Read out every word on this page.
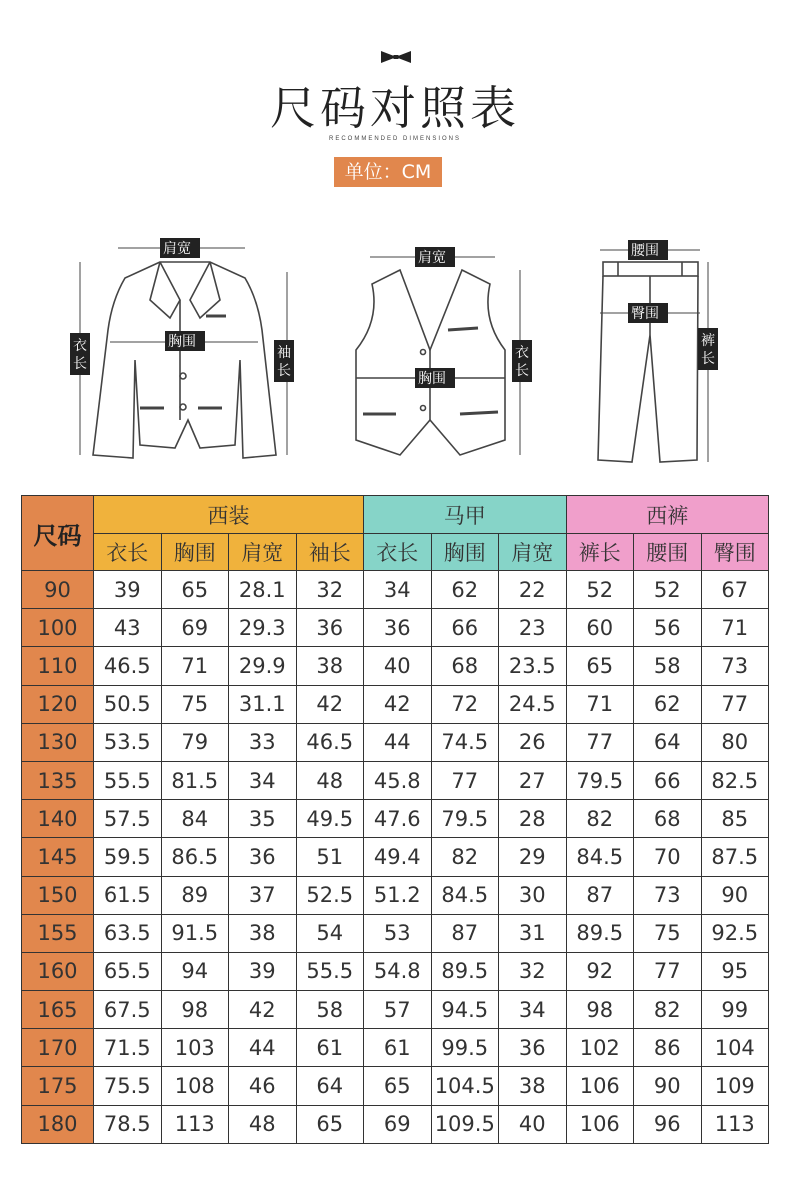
尺码对照表
RECOMMENDED DIMENSIONS
单位：CM
肩宽
衣
长
胸围
袖
长
肩宽
胸围
衣
长
腰围
臀围
裤
长
尺码	西装				马甲			西裤		
	衣长	胸围	肩宽	袖长	衣长	胸围	肩宽	裤长	腰围	臀围
90	39	65	28.1	32	34	62	22	52	52	67
100	43	69	29.3	36	36	66	23	60	56	71
110	46.5	71	29.9	38	40	68	23.5	65	58	73
120	50.5	75	31.1	42	42	72	24.5	71	62	77
130	53.5	79	33	46.5	44	74.5	26	77	64	80
135	55.5	81.5	34	48	45.8	77	27	79.5	66	82.5
140	57.5	84	35	49.5	47.6	79.5	28	82	68	85
145	59.5	86.5	36	51	49.4	82	29	84.5	70	87.5
150	61.5	89	37	52.5	51.2	84.5	30	87	73	90
155	63.5	91.5	38	54	53	87	31	89.5	75	92.5
160	65.5	94	39	55.5	54.8	89.5	32	92	77	95
165	67.5	98	42	58	57	94.5	34	98	82	99
170	71.5	103	44	61	61	99.5	36	102	86	104
175	75.5	108	46	64	65	104.5	38	106	90	109
180	78.5	113	48	65	69	109.5	40	106	96	113
